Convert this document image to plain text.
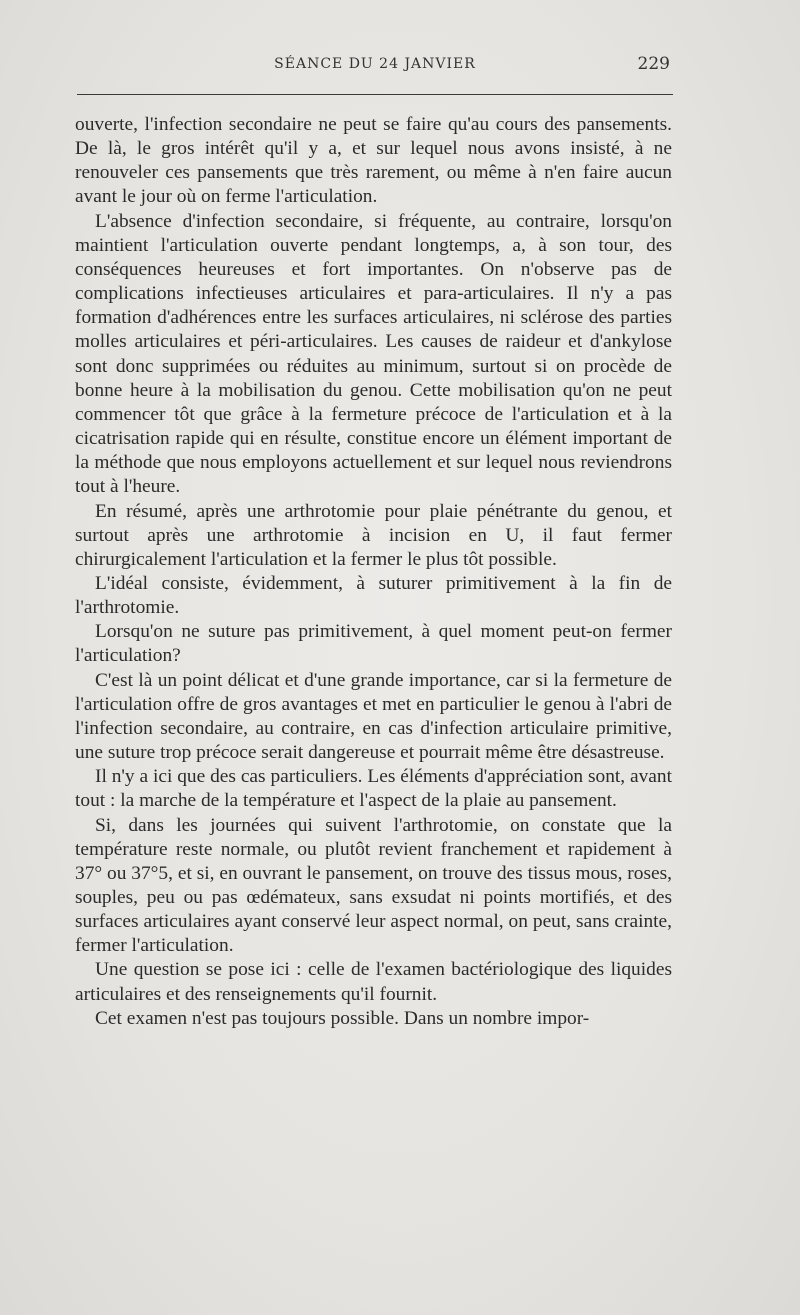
SÉANCE DU 24 JANVIER	229

ouverte, l'infection secondaire ne peut se faire qu'au cours des pansements. De là, le gros intérêt qu'il y a, et sur lequel nous avons insisté, à ne renouveler ces pansements que très rarement, ou même à n'en faire aucun avant le jour où on ferme l'articulation.

L'absence d'infection secondaire, si fréquente, au contraire, lorsqu'on maintient l'articulation ouverte pendant longtemps, a, à son tour, des conséquences heureuses et fort importantes. On n'observe pas de complications infectieuses articulaires et para-articulaires. Il n'y a pas formation d'adhérences entre les surfaces articulaires, ni sclérose des parties molles articulaires et péri-articulaires. Les causes de raideur et d'ankylose sont donc supprimées ou réduites au minimum, surtout si on procède de bonne heure à la mobilisation du genou. Cette mobilisation qu'on ne peut commencer tôt que grâce à la fermeture précoce de l'articulation et à la cicatrisation rapide qui en résulte, constitue encore un élément important de la méthode que nous employons actuellement et sur lequel nous reviendrons tout à l'heure.

En résumé, après une arthrotomie pour plaie pénétrante du genou, et surtout après une arthrotomie à incision en U, il faut fermer chirurgicalement l'articulation et la fermer le plus tôt possible.

L'idéal consiste, évidemment, à suturer primitivement à la fin de l'arthrotomie.

Lorsqu'on ne suture pas primitivement, à quel moment peut-on fermer l'articulation?

C'est là un point délicat et d'une grande importance, car si la fermeture de l'articulation offre de gros avantages et met en particulier le genou à l'abri de l'infection secondaire, au contraire, en cas d'infection articulaire primitive, une suture trop précoce serait dangereuse et pourrait même être désastreuse.

Il n'y a ici que des cas particuliers. Les éléments d'appréciation sont, avant tout : la marche de la température et l'aspect de la plaie au pansement.

Si, dans les journées qui suivent l'arthrotomie, on constate que la température reste normale, ou plutôt revient franchement et rapidement à 37° ou 37°5, et si, en ouvrant le pansement, on trouve des tissus mous, roses, souples, peu ou pas œdémateux, sans exsudat ni points mortifiés, et des surfaces articulaires ayant conservé leur aspect normal, on peut, sans crainte, fermer l'articulation.

Une question se pose ici : celle de l'examen bactériologique des liquides articulaires et des renseignements qu'il fournit.

Cet examen n'est pas toujours possible. Dans un nombre impor-
